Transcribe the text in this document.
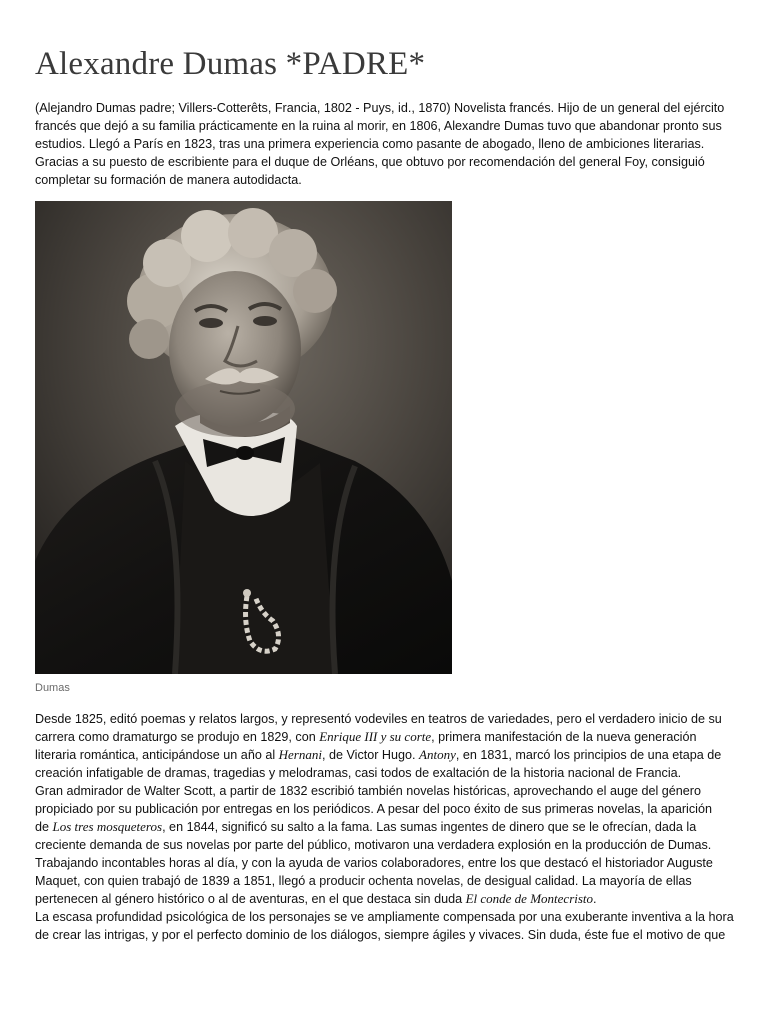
Alexandre Dumas *PADRE*
(Alejandro Dumas padre; Villers-Cotterêts, Francia, 1802 - Puys, id., 1870) Novelista francés. Hijo de un general del ejército
francés que dejó a su familia prácticamente en la ruina al morir, en 1806, Alexandre Dumas tuvo que abandonar pronto sus
estudios. Llegó a París en 1823, tras una primera experiencia como pasante de abogado, lleno de ambiciones literarias.
Gracias a su puesto de escribiente para el duque de Orléans, que obtuvo por recomendación del general Foy, consiguió
completar su formación de manera autodidacta.

Dumas

Desde 1825, editó poemas y relatos largos, y representó vodeviles en teatros de variedades, pero el verdadero inicio de su
carrera como dramaturgo se produjo en 1829, con Enrique III y su corte, primera manifestación de la nueva generación
literaria romántica, anticipándose un año al Hernani, de Victor Hugo. Antony, en 1831, marcó los principios de una etapa de
creación infatigable de dramas, tragedias y melodramas, casi todos de exaltación de la historia nacional de Francia.
Gran admirador de Walter Scott, a partir de 1832 escribió también novelas históricas, aprovechando el auge del género
propiciado por su publicación por entregas en los periódicos. A pesar del poco éxito de sus primeras novelas, la aparición
de Los tres mosqueteros, en 1844, significó su salto a la fama. Las sumas ingentes de dinero que se le ofrecían, dada la
creciente demanda de sus novelas por parte del público, motivaron una verdadera explosión en la producción de Dumas.
Trabajando incontables horas al día, y con la ayuda de varios colaboradores, entre los que destacó el historiador Auguste
Maquet, con quien trabajó de 1839 a 1851, llegó a producir ochenta novelas, de desigual calidad. La mayoría de ellas
pertenecen al género histórico o al de aventuras, en el que destaca sin duda El conde de Montecristo.
La escasa profundidad psicológica de los personajes se ve ampliamente compensada por una exuberante inventiva a la hora
de crear las intrigas, y por el perfecto dominio de los diálogos, siempre ágiles y vivaces. Sin duda, éste fue el motivo de que
